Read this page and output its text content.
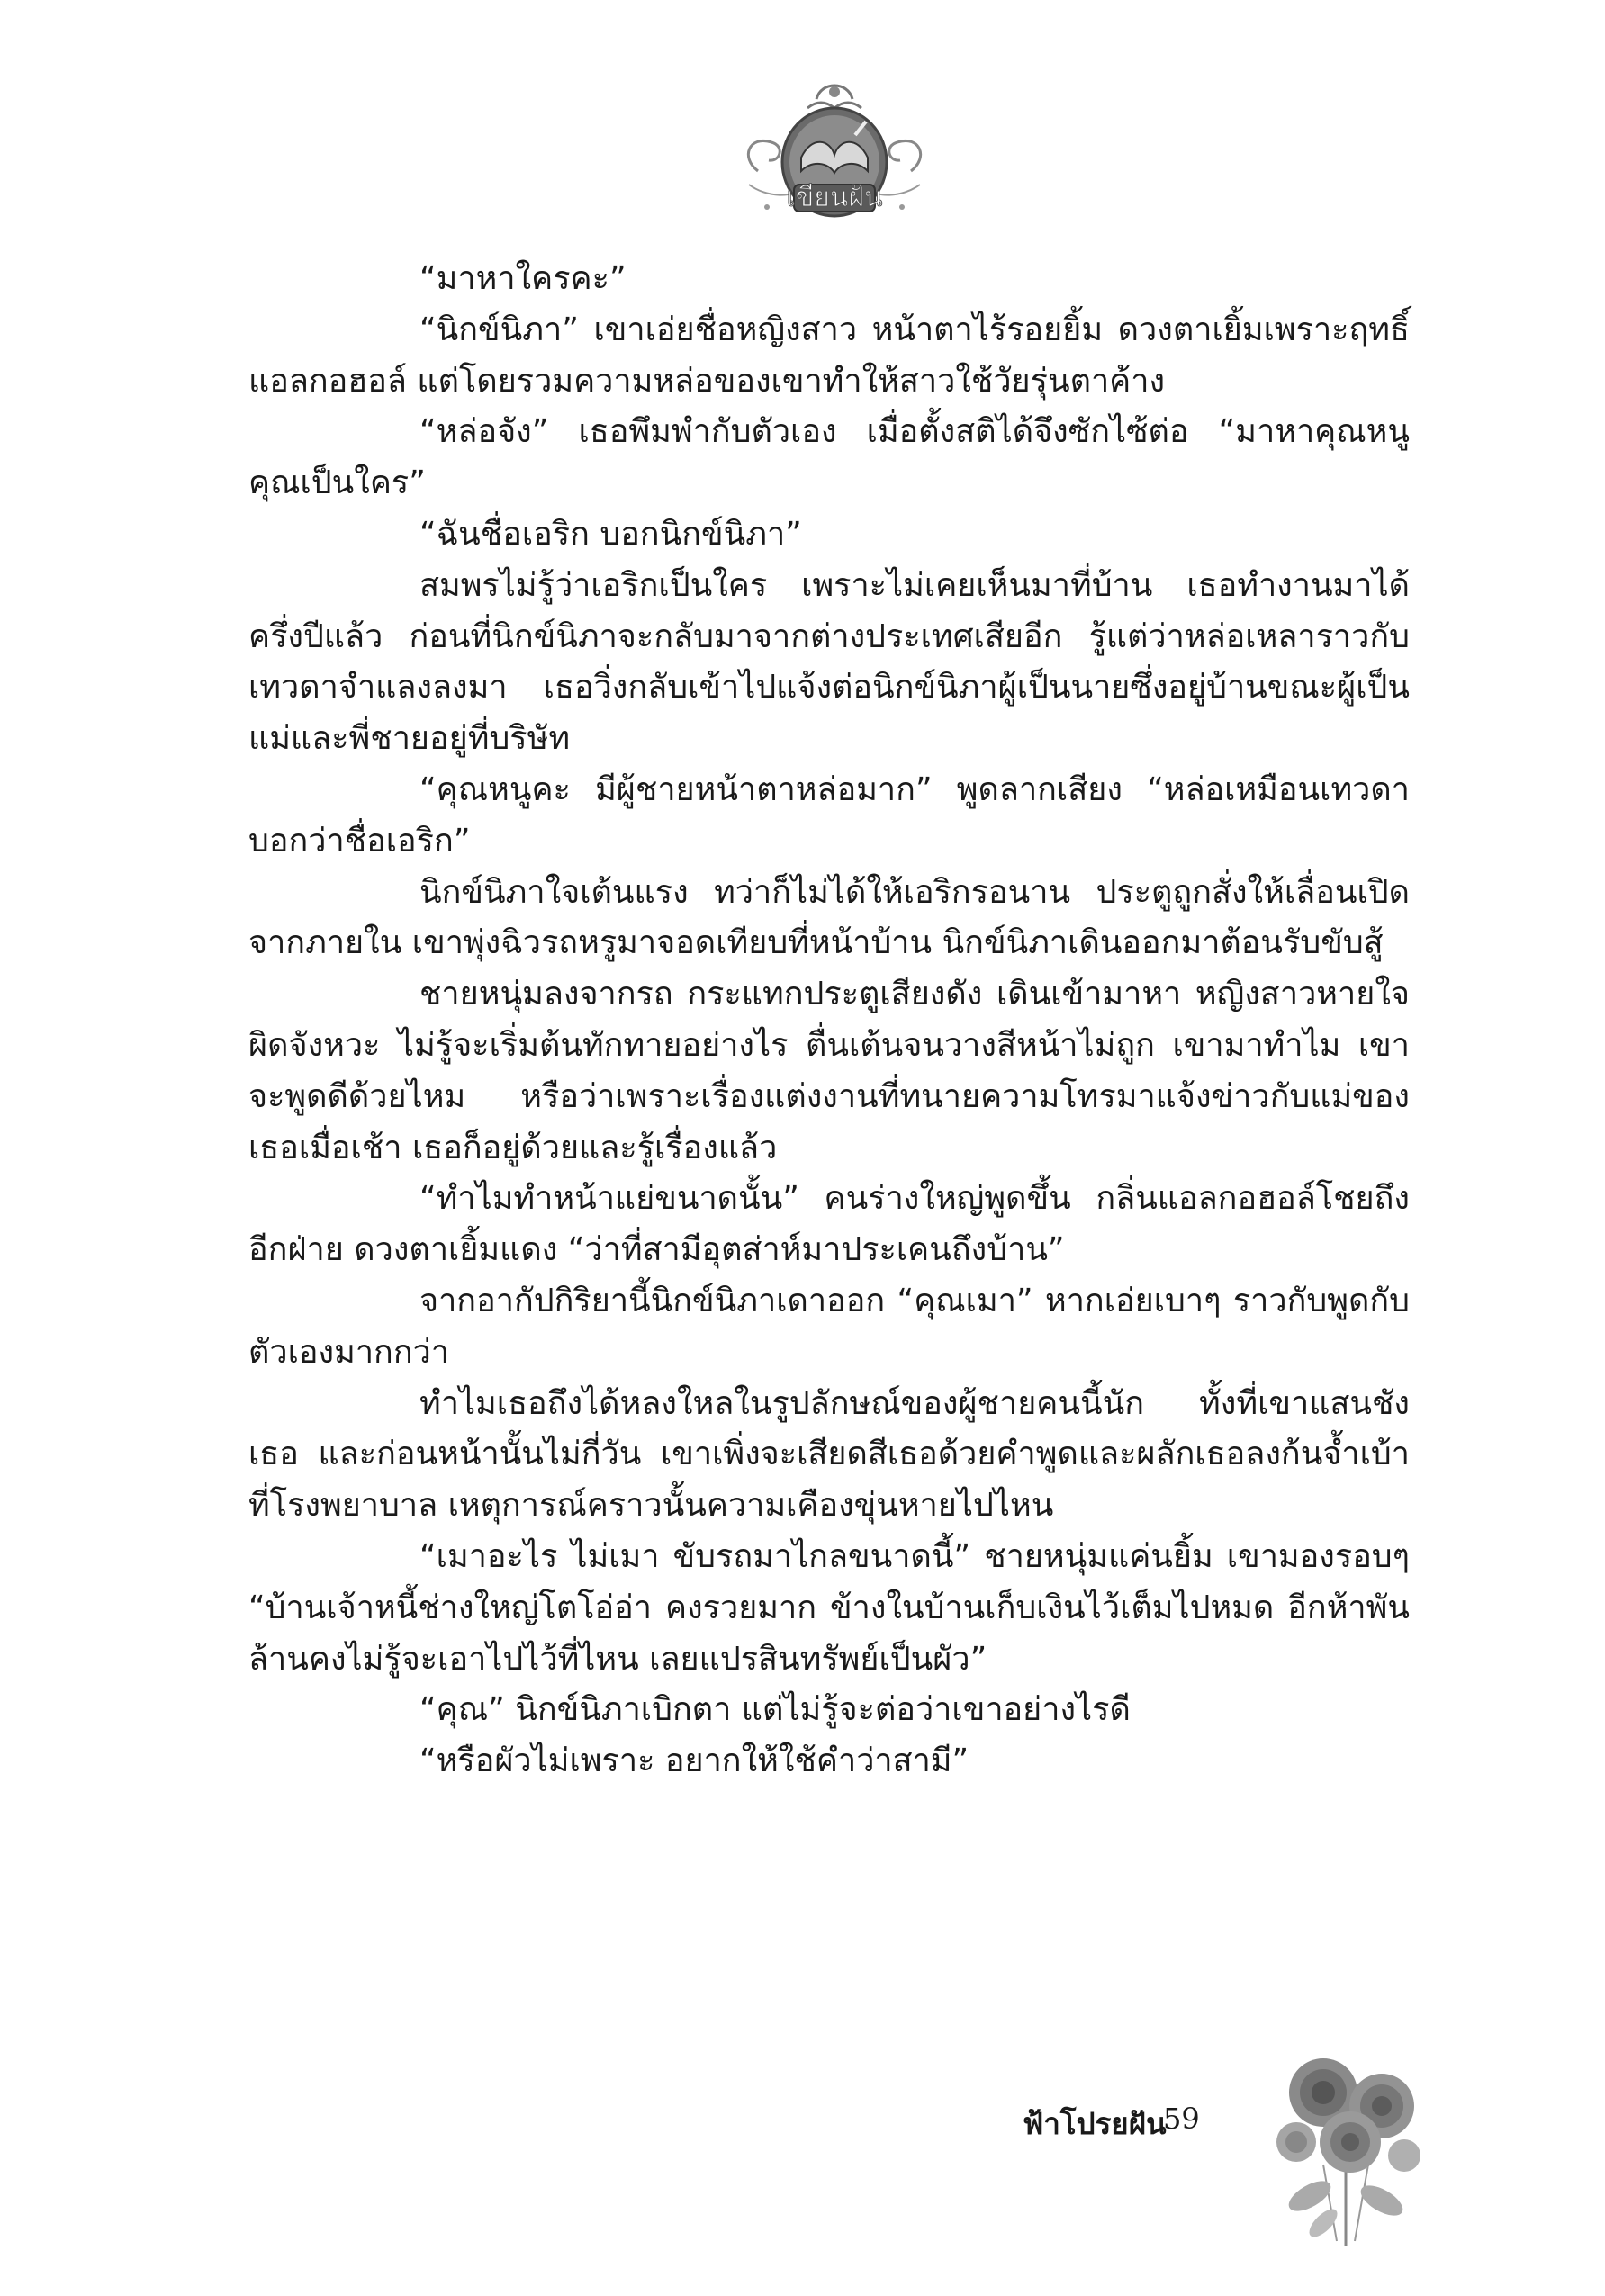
เขียนฝัน

“มาหาใครคะ”

“นิกข์นิภา” เขาเอ่ยชื่อหญิงสาว หน้าตาไร้รอยยิ้ม ดวงตาเยิ้มเพราะฤทธิ์แอลกอฮอล์ แต่โดยรวมความหล่อของเขาทำให้สาวใช้วัยรุ่นตาค้าง

“หล่อจัง” เธอพึมพำกับตัวเอง เมื่อตั้งสติได้จึงซักไซ้ต่อ “มาหาคุณหนู คุณเป็นใคร”

“ฉันชื่อเอริก บอกนิกข์นิภา”

สมพรไม่รู้ว่าเอริกเป็นใคร เพราะไม่เคยเห็นมาที่บ้าน เธอทำงานมาได้ครึ่งปีแล้ว ก่อนที่นิกข์นิภาจะกลับมาจากต่างประเทศเสียอีก รู้แต่ว่าหล่อเหลาราวกับเทวดาจำแลงลงมา เธอวิ่งกลับเข้าไปแจ้งต่อนิกข์นิภาผู้เป็นนายซึ่งอยู่บ้านขณะผู้เป็นแม่และพี่ชายอยู่ที่บริษัท

“คุณหนูคะ มีผู้ชายหน้าตาหล่อมาก” พูดลากเสียง “หล่อเหมือนเทวดาบอกว่าชื่อเอริก”

นิกข์นิภาใจเต้นแรง ทว่าก็ไม่ได้ให้เอริกรอนาน ประตูถูกสั่งให้เลื่อนเปิดจากภายใน เขาพุ่งฉิวรถหรูมาจอดเทียบที่หน้าบ้าน นิกข์นิภาเดินออกมาต้อนรับขับสู้

ชายหนุ่มลงจากรถ กระแทกประตูเสียงดัง เดินเข้ามาหา หญิงสาวหายใจผิดจังหวะ ไม่รู้จะเริ่มต้นทักทายอย่างไร ตื่นเต้นจนวางสีหน้าไม่ถูก เขามาทำไม เขาจะพูดดีด้วยไหม หรือว่าเพราะเรื่องแต่งงานที่ทนายความโทรมาแจ้งข่าวกับแม่ของเธอเมื่อเช้า เธอก็อยู่ด้วยและรู้เรื่องแล้ว

“ทำไมทำหน้าแย่ขนาดนั้น” คนร่างใหญ่พูดขึ้น กลิ่นแอลกอฮอล์โชยถึงอีกฝ่าย ดวงตาเยิ้มแดง “ว่าที่สามีอุตส่าห์มาประเคนถึงบ้าน”

จากอากัปกิริยานี้นิกข์นิภาเดาออก “คุณเมา” หากเอ่ยเบาๆ ราวกับพูดกับตัวเองมากกว่า

ทำไมเธอถึงได้หลงใหลในรูปลักษณ์ของผู้ชายคนนี้นัก ทั้งที่เขาแสนชังเธอ และก่อนหน้านั้นไม่กี่วัน เขาเพิ่งจะเสียดสีเธอด้วยคำพูดและผลักเธอลงก้นจ้ำเบ้าที่โรงพยาบาล เหตุการณ์คราวนั้นความเคืองขุ่นหายไปไหน

“เมาอะไร ไม่เมา ขับรถมาไกลขนาดนี้” ชายหนุ่มแค่นยิ้ม เขามองรอบๆ “บ้านเจ้าหนี้ช่างใหญ่โตโอ่อ่า คงรวยมาก ข้างในบ้านเก็บเงินไว้เต็มไปหมด อีกห้าพันล้านคงไม่รู้จะเอาไปไว้ที่ไหน เลยแปรสินทรัพย์เป็นผัว”

“คุณ” นิกข์นิภาเบิกตา แต่ไม่รู้จะต่อว่าเขาอย่างไรดี

“หรือผัวไม่เพราะ อยากให้ใช้คำว่าสามี”

ฟ้าโปรยฝัน
59
